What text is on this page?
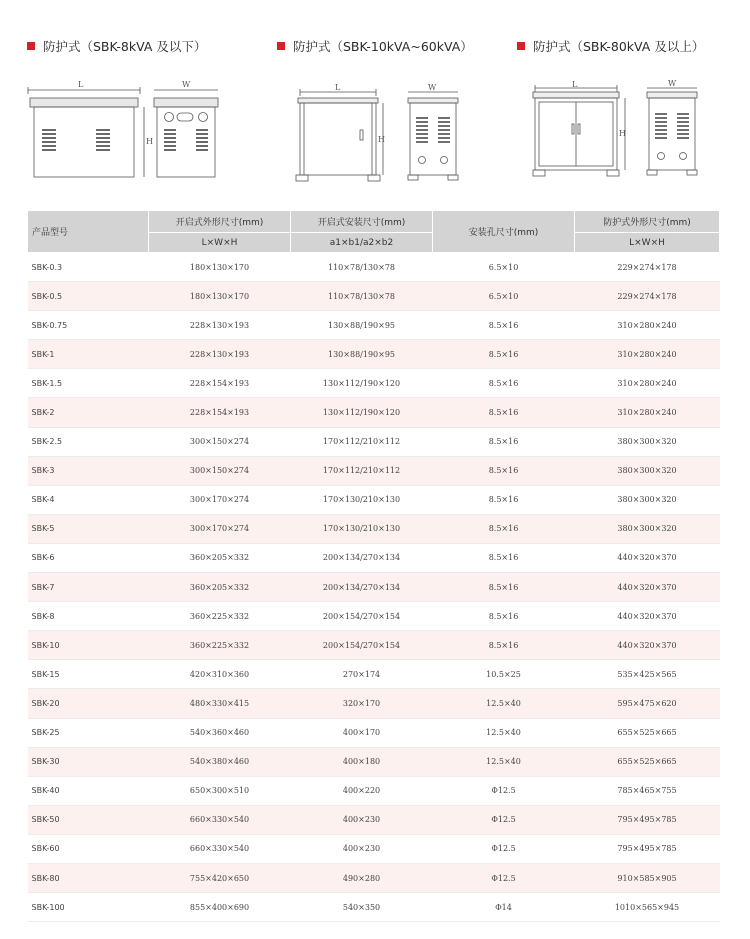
防护式（SBK-8kVA 及以下）	防护式（SBK-10kVA~60kVA）	防护式（SBK-80kVA 及以上）
L
H
W	L
H
W	L
H
W
产品型号	开启式外形尺寸(mm)	开启式安装尺寸(mm)	安装孔尺寸(mm)	防护式外形尺寸(mm)
	L×W×H	a1×b1/a2×b2		L×W×H
SBK-0.3	180×130×170	110×78/130×78	6.5×10	229×274×178
SBK-0.5	180×130×170	110×78/130×78	6.5×10	229×274×178
SBK-0.75	228×130×193	130×88/190×95	8.5×16	310×280×240
SBK-1	228×130×193	130×88/190×95	8.5×16	310×280×240
SBK-1.5	228×154×193	130×112/190×120	8.5×16	310×280×240
SBK-2	228×154×193	130×112/190×120	8.5×16	310×280×240
SBK-2.5	300×150×274	170×112/210×112	8.5×16	380×300×320
SBK-3	300×150×274	170×112/210×112	8.5×16	380×300×320
SBK-4	300×170×274	170×130/210×130	8.5×16	380×300×320
SBK-5	300×170×274	170×130/210×130	8.5×16	380×300×320
SBK-6	360×205×332	200×134/270×134	8.5×16	440×320×370
SBK-7	360×205×332	200×134/270×134	8.5×16	440×320×370
SBK-8	360×225×332	200×154/270×154	8.5×16	440×320×370
SBK-10	360×225×332	200×154/270×154	8.5×16	440×320×370
SBK-15	420×310×360	270×174	10.5×25	535×425×565
SBK-20	480×330×415	320×170	12.5×40	595×475×620
SBK-25	540×360×460	400×170	12.5×40	655×525×665
SBK-30	540×380×460	400×180	12.5×40	655×525×665
SBK-40	650×300×510	400×220	Φ12.5	785×465×755
SBK-50	660×330×540	400×230	Φ12.5	795×495×785
SBK-60	660×330×540	400×230	Φ12.5	795×495×785
SBK-80	755×420×650	490×280	Φ12.5	910×585×905
SBK-100	855×400×690	540×350	Φ14	1010×565×945
